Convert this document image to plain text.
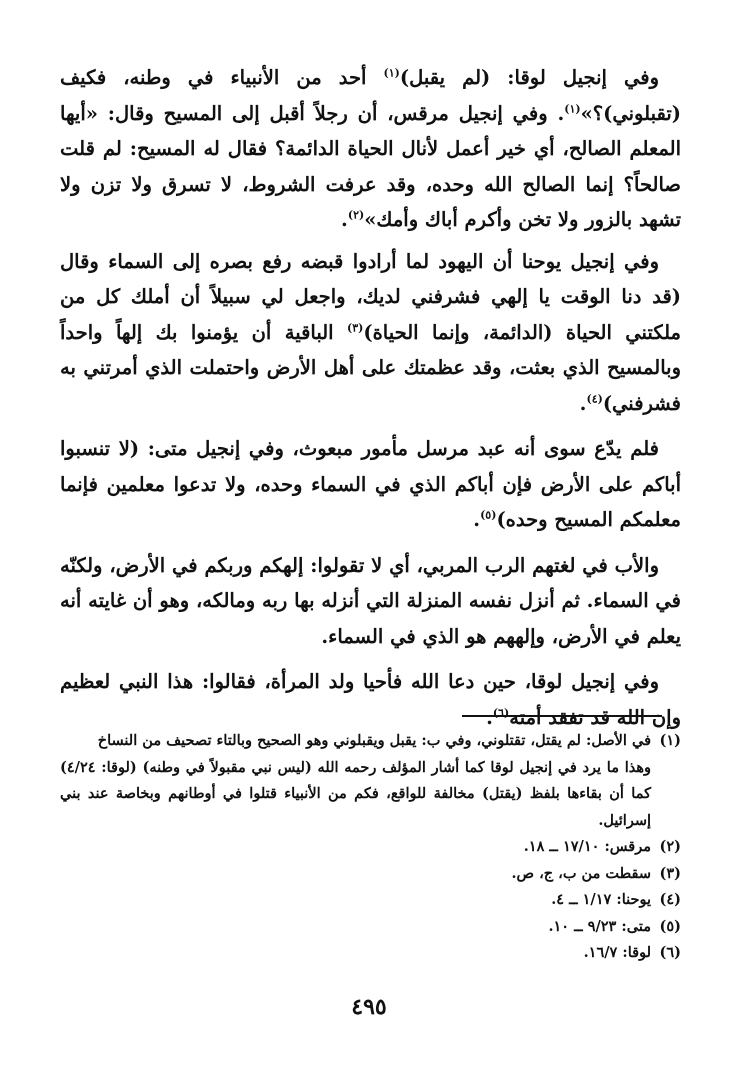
وفي إنجيل لوقا: (لم يقبل)$^{(١)}$ أحد من الأنبياء في وطنه، فكيف (تقبلوني)؟»$^{(١)}$. وفي إنجيل مرقس، أن رجلاً أقبل إلى المسيح وقال: «أيها المعلم الصالح، أي خير أعمل لأنال الحياة الدائمة؟ فقال له المسيح: لم قلت صالحاً؟ إنما الصالح الله وحده، وقد عرفت الشروط، لا تسرق ولا تزن ولا تشهد بالزور ولا تخن وأكرم أباك وأمك»$^{(٢)}$.

وفي إنجيل يوحنا أن اليهود لما أرادوا قبضه رفع بصره إلى السماء وقال (قد دنا الوقت يا إلهي فشرفني لديك، واجعل لي سبيلاً أن أملك كل من ملكتني الحياة (الدائمة، وإنما الحياة)$^{(٣)}$ الباقية أن يؤمنوا بك إلهاً واحداً وبالمسيح الذي بعثت، وقد عظمتك على أهل الأرض واحتملت الذي أمرتني به فشرفني)$^{(٤)}$.

فلم يدّع سوى أنه عبد مرسل مأمور مبعوث، وفي إنجيل متى: (لا تنسبوا أباكم على الأرض فإن أباكم الذي في السماء وحده، ولا تدعوا معلمين فإنما معلمكم المسيح وحده)$^{(٥)}$.

والأب في لغتهم الرب المربي، أي لا تقولوا: إلهكم وربكم في الأرض، ولكنّه في السماء. ثم أنزل نفسه المنزلة التي أنزله بها ربه ومالكه، وهو أن غايته أنه يعلم في الأرض، وإلههم هو الذي في السماء.

وفي إنجيل لوقا، حين دعا الله فأحيا ولد المرأة، فقالوا: هذا النبي لعظيم وإن الله قد تفقد أمته$^{(٦)}$.

(١)في الأصل: لم يقتل، تقتلوني، وفي ب: يقبل ويقبلوني وهو الصحيح وبالتاء تصحيف من النساخ

وهذا ما يرد في إنجيل لوقا كما أشار المؤلف رحمه الله (ليس نبي مقبولاً في وطنه) (لوقا: ٤/٢٤) كما أن بقاءها بلفظ (يقتل) مخالفة للواقع، فكم من الأنبياء قتلوا في أوطانهم وبخاصة عند بني إسرائيل.

(٢)مرقس: ١٧/١٠ ــ ١٨.

(٣)سقطت من ب، ج، ص.

(٤)يوحنا: ١/١٧ ــ ٤.

(٥)متى: ٩/٢٣ ــ ١٠.

(٦)لوقا: ١٦/٧.

٤٩٥
